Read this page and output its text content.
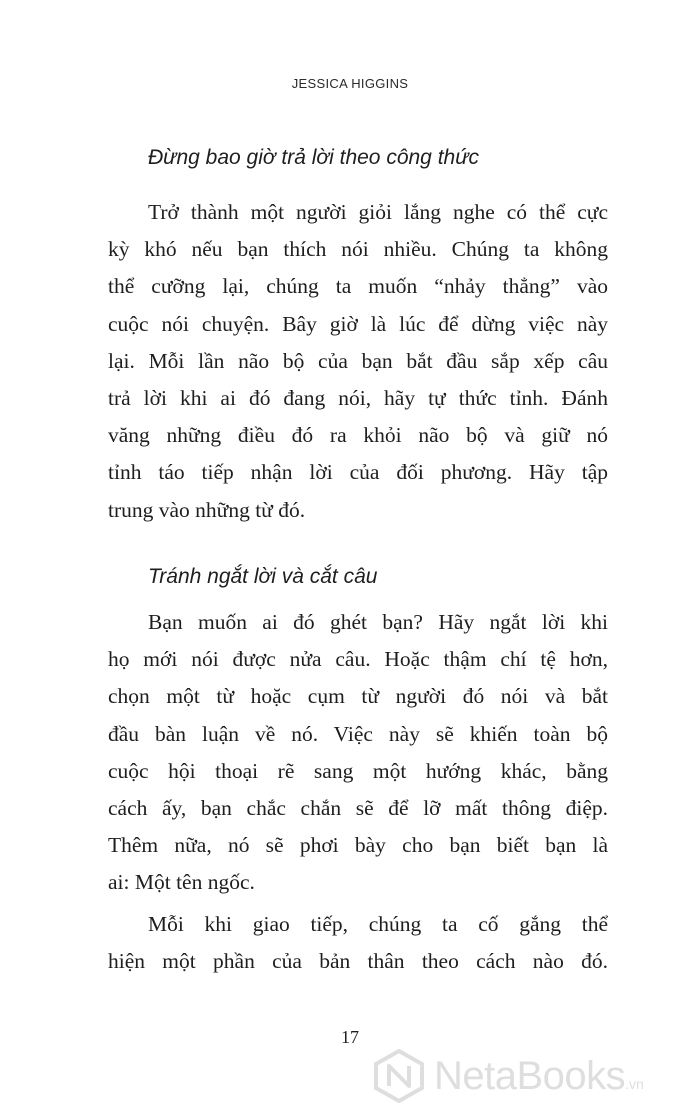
JESSICA HIGGINS
Đừng bao giờ trả lời theo công thức

Trở thành một người giỏi lắng nghe có thể cực
kỳ khó nếu bạn thích nói nhiều. Chúng ta không
thể cưỡng lại, chúng ta muốn “nhảy thẳng” vào
cuộc nói chuyện. Bây giờ là lúc để dừng việc này
lại. Mỗi lần não bộ của bạn bắt đầu sắp xếp câu
trả lời khi ai đó đang nói, hãy tự thức tỉnh. Đánh
văng những điều đó ra khỏi não bộ và giữ nó
tỉnh táo tiếp nhận lời của đối phương. Hãy tập
trung vào những từ đó.

Tránh ngắt lời và cắt câu

Bạn muốn ai đó ghét bạn? Hãy ngắt lời khi
họ mới nói được nửa câu. Hoặc thậm chí tệ hơn,
chọn một từ hoặc cụm từ người đó nói và bắt
đầu bàn luận về nó. Việc này sẽ khiến toàn bộ
cuộc hội thoại rẽ sang một hướng khác, bằng
cách ấy, bạn chắc chắn sẽ để lỡ mất thông điệp.
Thêm nữa, nó sẽ phơi bày cho bạn biết bạn là
ai: Một tên ngốc.

Mỗi khi giao tiếp, chúng ta cố gắng thể
hiện một phần của bản thân theo cách nào đó.

17
NetaBooks .vn
